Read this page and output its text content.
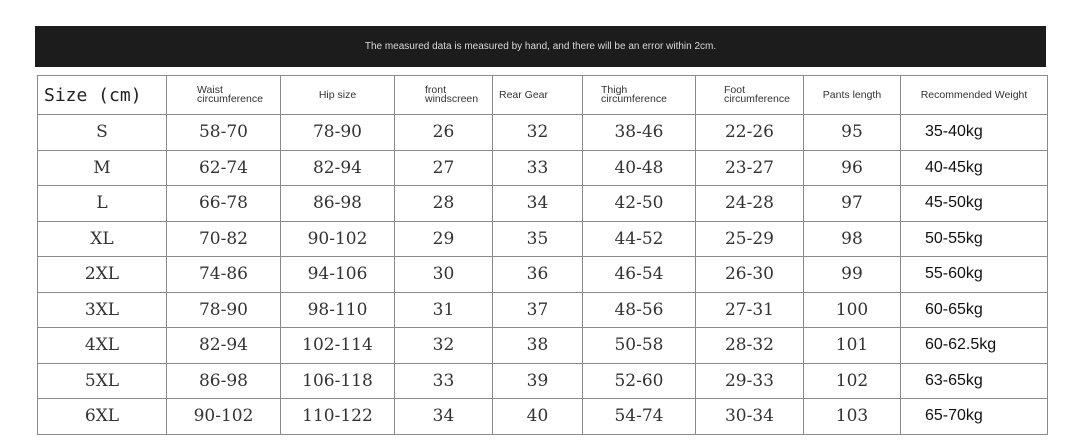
The measured data is measured by hand, and there will be an error within 2cm.
Size (cm)	Waist circumference	Hip size	front windscreen	Rear Gear	Thigh circumference	Foot circumference	Pants length	Recommended Weight
S	58-70	78-90	26	32	38-46	22-26	95	35-40kg
M	62-74	82-94	27	33	40-48	23-27	96	40-45kg
L	66-78	86-98	28	34	42-50	24-28	97	45-50kg
XL	70-82	90-102	29	35	44-52	25-29	98	50-55kg
2XL	74-86	94-106	30	36	46-54	26-30	99	55-60kg
3XL	78-90	98-110	31	37	48-56	27-31	100	60-65kg
4XL	82-94	102-114	32	38	50-58	28-32	101	60-62.5kg
5XL	86-98	106-118	33	39	52-60	29-33	102	63-65kg
6XL	90-102	110-122	34	40	54-74	30-34	103	65-70kg
